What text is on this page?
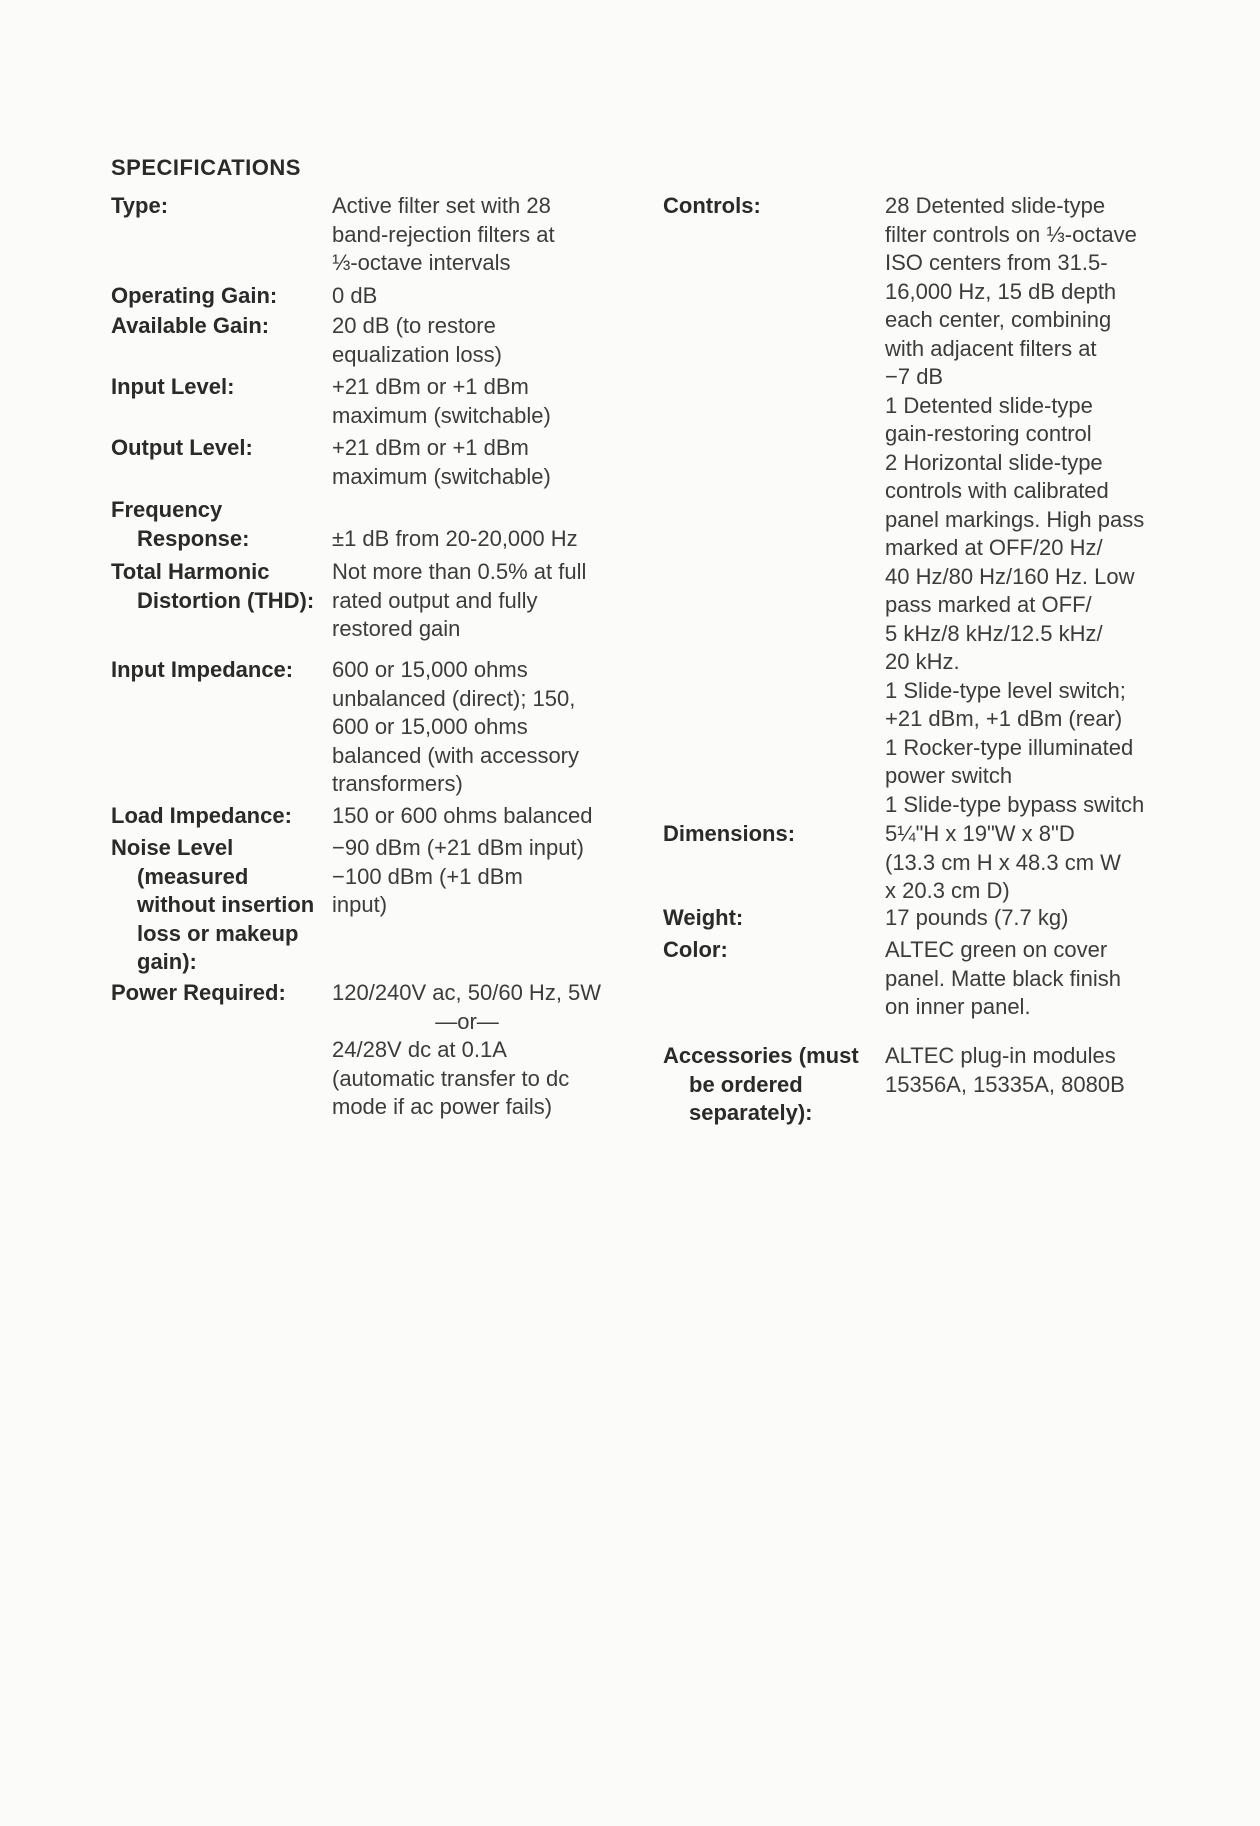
SPECIFICATIONS
Type:	Active filter set with 28
band-rejection filters at
⅓-octave intervals
Operating Gain: 0 dB
Available Gain:	20 dB (to restore
equalization loss)
Input Level:	+21 dBm or +1 dBm
maximum (switchable)
Output Level:	+21 dBm or +1 dBm
maximum (switchable)
Frequency
Response:
	±1 dB from 20-20,000 Hz
Total Harmonic
Distortion (THD):
Not more than 0.5% at full
rated output and fully
restored gain
Input Impedance: 600 or 15,000 ohms
unbalanced (direct); 150,
600 or 15,000 ohms
balanced (with accessory
transformers)
Load Impedance: 150 or 600 ohms balanced
Noise Level
(measured
without insertion
loss or makeup
gain):
−90 dBm (+21 dBm input)
−100 dBm (+1 dBm
input)
Power Required: 120/240V ac, 50/60 Hz, 5W
—or—
24/28V dc at 0.1A
(automatic transfer to dc
mode if ac power fails)
Controls:	28 Detented slide-type
filter controls on ⅓-octave
ISO centers from 31.5-
16,000 Hz, 15 dB depth
each center, combining
with adjacent filters at
−7 dB
1 Detented slide-type
gain-restoring control
2 Horizontal slide-type
controls with calibrated
panel markings. High pass
marked at OFF/20 Hz/
40 Hz/80 Hz/160 Hz. Low
pass marked at OFF/
5 kHz/8 kHz/12.5 kHz/
20 kHz.
1 Slide-type level switch;
+21 dBm, +1 dBm (rear)
1 Rocker-type illuminated
power switch
1 Slide-type bypass switch
Dimensions:	5¼"H x 19"W x 8"D
(13.3 cm H x 48.3 cm W
x 20.3 cm D)
Weight:	17 pounds (7.7 kg)
Color:	ALTEC green on cover
panel. Matte black finish
on inner panel.
Accessories (must
be ordered
separately):
ALTEC plug-in modules
15356A, 15335A, 8080B
